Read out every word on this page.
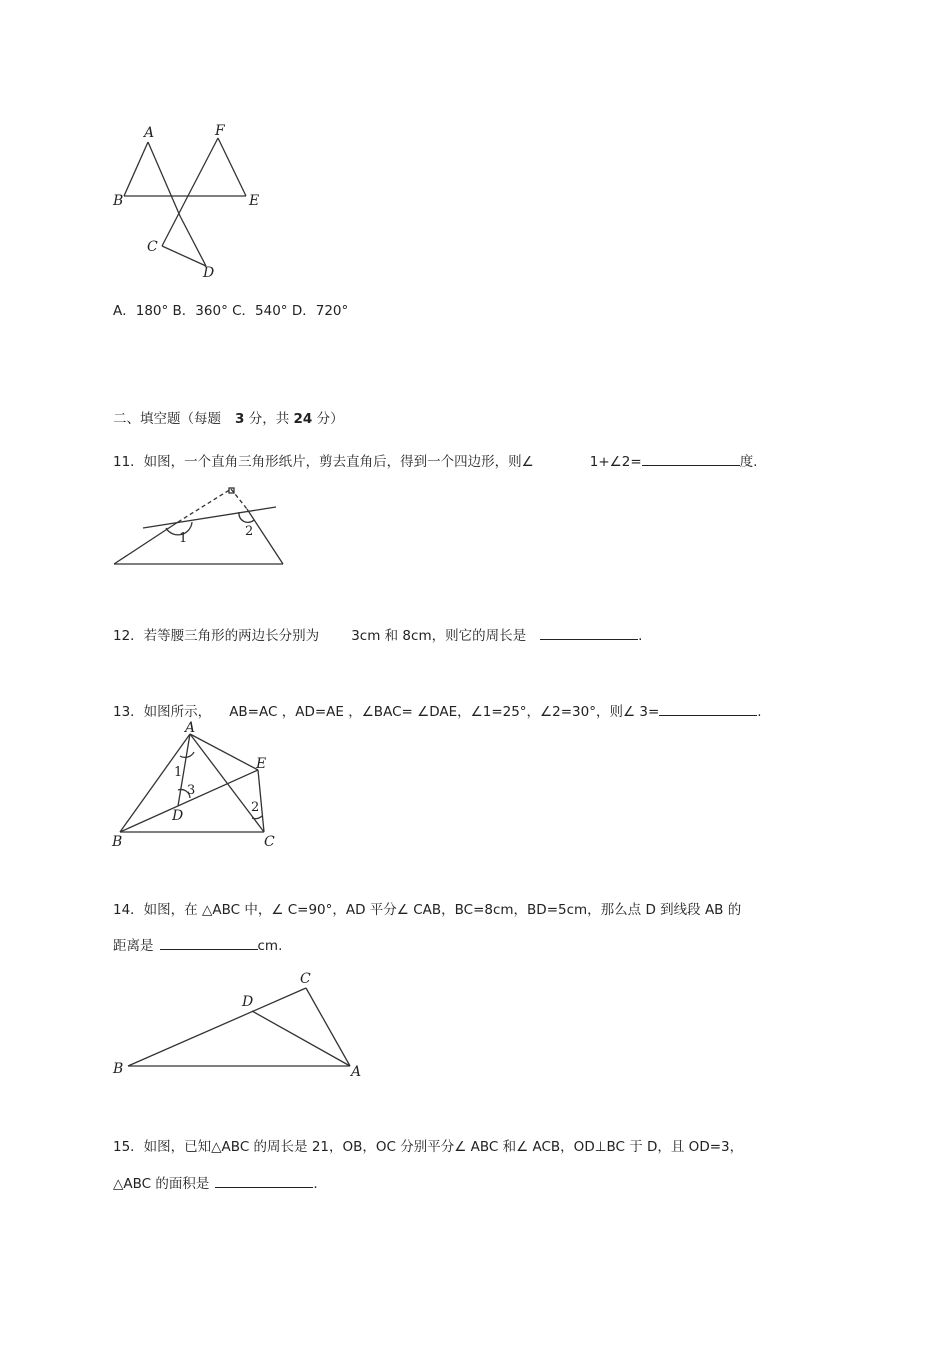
A
B
C
D
E
F
A．180° B．360° C．540° D．720°
二、填空题（每题 3 分，共 24 分）
11．如图，一个直角三角形纸片，剪去直角后，得到一个四边形，则∠	1+∠2=	度.
1	2
12．若等腰三角形的两边长分别为 3cm 和 8cm，则它的周长是	.
13．如图所示， AB=AC ，AD=AE ，∠BAC= ∠DAE，∠1=25°，∠2=30°，则∠ 3=	.
A
B	C
D
E
1
3
2
14．如图，在 △ABC 中，∠ C=90°，AD 平分∠ CAB，BC=8cm，BD=5cm，那么点 D 到线段 AB 的
距离是	cm.
C
D
B	A
15．如图，已知△ABC 的周长是 21，OB，OC 分别平分∠ ABC 和∠ ACB，OD⊥BC 于 D，且 OD=3，
△ABC 的面积是	.
